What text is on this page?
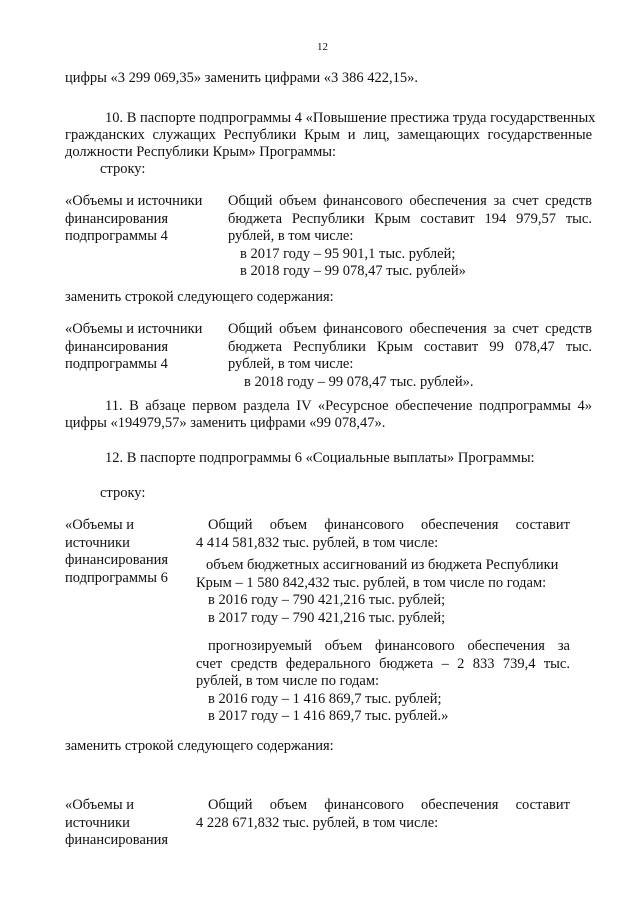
12
цифры «3 299 069,35» заменить цифрами «3 386 422,15».
10. В паспорте подпрограммы 4 «Повышение престижа труда государственных
гражданских служащих Республики Крым и лиц, замещающих государственные
должности Республики Крым» Программы:
строку:
«Объемы и источники
финансирования
подпрограммы 4
Общий объем финансового обеспечения за счет средств
бюджета Республики Крым составит 194 979,57 тыс.
рублей, в том числе:
в 2017 году – 95 901,1 тыс. рублей;
в 2018 году – 99 078,47 тыс. рублей»
заменить строкой следующего содержания:
«Объемы и источники
финансирования
подпрограммы 4
Общий объем финансового обеспечения за счет средств
бюджета Республики Крым составит 99 078,47 тыс.
рублей, в том числе:
в 2018 году – 99 078,47 тыс. рублей».
11. В абзаце первом раздела IV «Ресурсное обеспечение подпрограммы 4»
цифры «194979,57» заменить цифрами «99 078,47».
12. В паспорте подпрограммы 6 «Социальные выплаты» Программы:
строку:
«Объемы и
источники
финансирования
подпрограммы 6
Общий объем финансового обеспечения составит
4 414 581,832 тыс. рублей, в том числе:
объем бюджетных ассигнований из бюджета Республики
Крым – 1 580 842,432 тыс. рублей, в том числе по годам:
в 2016 году – 790 421,216 тыс. рублей;
в 2017 году – 790 421,216 тыс. рублей;
прогнозируемый объем финансового обеспечения за
счет средств федерального бюджета – 2 833 739,4 тыс.
рублей, в том числе по годам:
в 2016 году – 1 416 869,7 тыс. рублей;
в 2017 году – 1 416 869,7 тыс. рублей.»
заменить строкой следующего содержания:
«Объемы и
источники
финансирования
Общий объем финансового обеспечения составит
4 228 671,832 тыс. рублей, в том числе:
